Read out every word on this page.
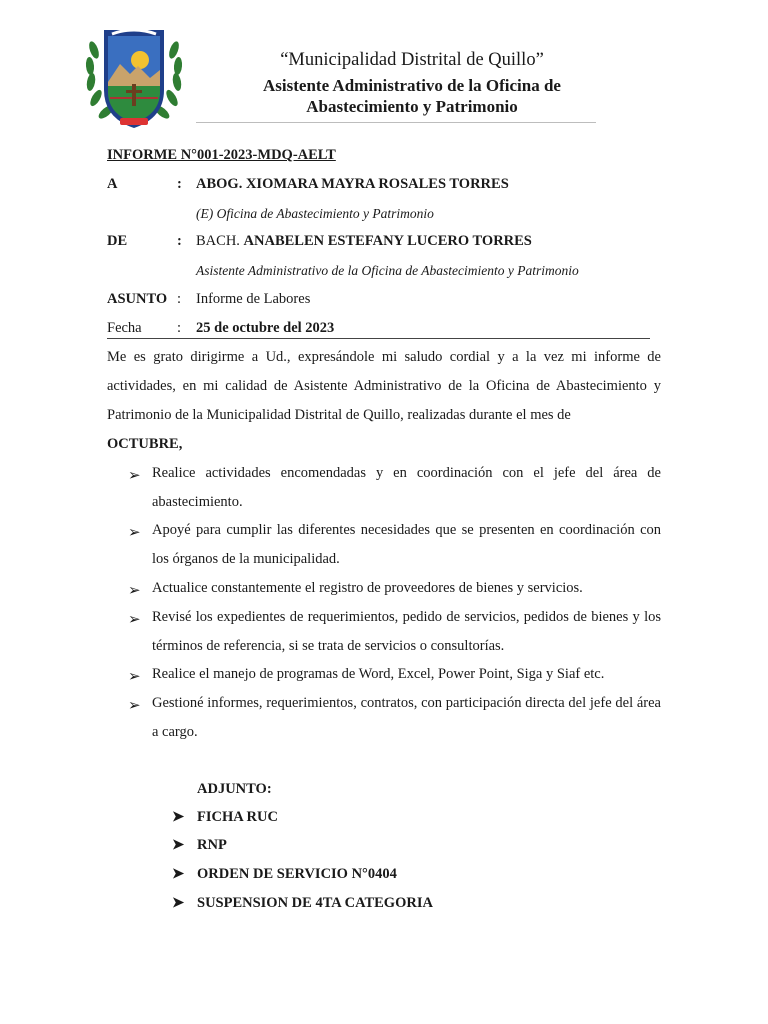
“Municipalidad Distrital de Quillo”
Asistente Administrativo de la Oficina de
Abastecimiento y Patrimonio
INFORME N°001-2023-MDQ-AELT
A	: ABOG. XIOMARA MAYRA ROSALES TORRES
(E) Oficina de Abastecimiento y Patrimonio
DE	: BACH. ANABELEN ESTEFANY LUCERO TORRES
Asistente Administrativo de la Oficina de Abastecimiento y Patrimonio
ASUNTO : Informe de Labores
Fecha : 25 de octubre del 2023
Me es grato dirigirme a Ud., expresándole mi saludo cordial y a la vez mi informe de actividades, en mi calidad de Asistente Administrativo de la Oficina de Abastecimiento y Patrimonio de la Municipalidad Distrital de Quillo, realizadas durante el mes de
OCTUBRE,
➢ Realice actividades encomendadas y en coordinación con el jefe del área de abastecimiento.
➢ Apoyé para cumplir las diferentes necesidades que se presenten en coordinación con los órganos de la municipalidad.
➢ Actualice constantemente el registro de proveedores de bienes y servicios.
➢ Revisé los expedientes de requerimientos, pedido de servicios, pedidos de bienes y los términos de referencia, si se trata de servicios o consultorías.
➢ Realice el manejo de programas de Word, Excel, Power Point, Siga y Siaf etc.
➢ Gestioné informes, requerimientos, contratos, con participación directa del jefe del área a cargo.
ADJUNTO:
➤ FICHA RUC
➤ RNP
➤ ORDEN DE SERVICIO N°0404
➤ SUSPENSION DE 4TA CATEGORIA
